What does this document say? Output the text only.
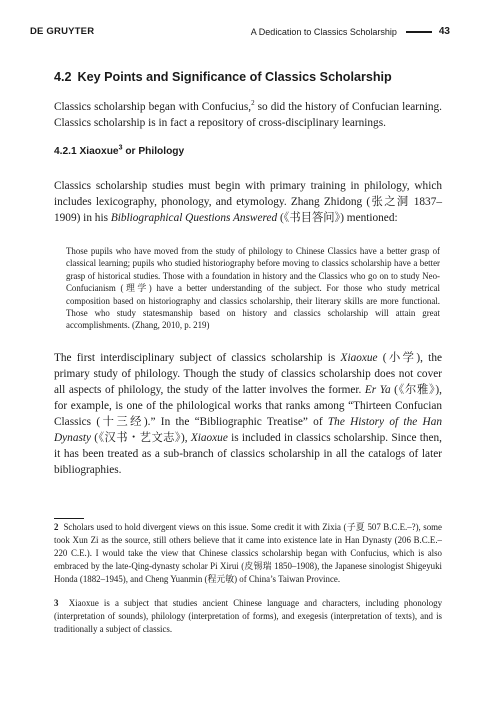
DE GRUYTER	A Dedication to Classics Scholarship	43
4.2 Key Points and Significance of Classics Scholarship

Classics scholarship began with Confucius,$^2$ so did the history of Confucian learning. Classics scholarship is in fact a repository of cross-disciplinary learnings.

4.2.1 Xiaoxue$^3$ or Philology

Classics scholarship studies must begin with primary training in philology, which includes lexicography, phonology, and etymology. Zhang Zhidong (张之洞 1837–1909) in his Bibliographical Questions Answered (《书目答问》) mentioned:

Those pupils who have moved from the study of philology to Chinese Classics have a better grasp of classical learning; pupils who studied historiography before moving to classics scholarship have a better grasp of historical studies. Those with a foundation in history and the Classics who go on to study Neo-Confucianism (理学) have a better understanding of the subject. For those who study metrical composition based on historiography and classics scholarship, their literary skills are more functional. Those who study statesmanship based on history and classics scholarship will attain great accomplishments. (Zhang, 2010, p. 219)

The first interdisciplinary subject of classics scholarship is Xiaoxue (小学), the primary study of philology. Though the study of classics scholarship does not cover all aspects of philology, the study of the latter involves the former. Er Ya (《尔雅》), for example, is one of the philological works that ranks among “Thirteen Confucian Classics (十三经).” In the “Bibliographic Treatise” of The History of the Han Dynasty (《汉书・艺文志》), Xiaoxue is included in classics scholarship. Since then, it has been treated as a sub-branch of classics scholarship in all the catalogs of later bibliographies.

2 Scholars used to hold divergent views on this issue. Some credit it with Zixia (子夏 507 B.C.E.–?), some took Xun Zi as the source, still others believe that it came into existence late in Han Dynasty (206 B.C.E.–220 C.E.). I would take the view that Chinese classics scholarship began with Confucius, which is also embraced by the late-Qing-dynasty scholar Pi Xirui (皮锡瑞 1850–1908), the Japanese sinologist Shigeyuki Honda (1882–1945), and Cheng Yuanmin (程元敏) of China’s Taiwan Province.

3 Xiaoxue is a subject that studies ancient Chinese language and characters, including phonology (interpretation of sounds), philology (interpretation of forms), and exegesis (interpretation of texts), and is traditionally a subject of classics.
